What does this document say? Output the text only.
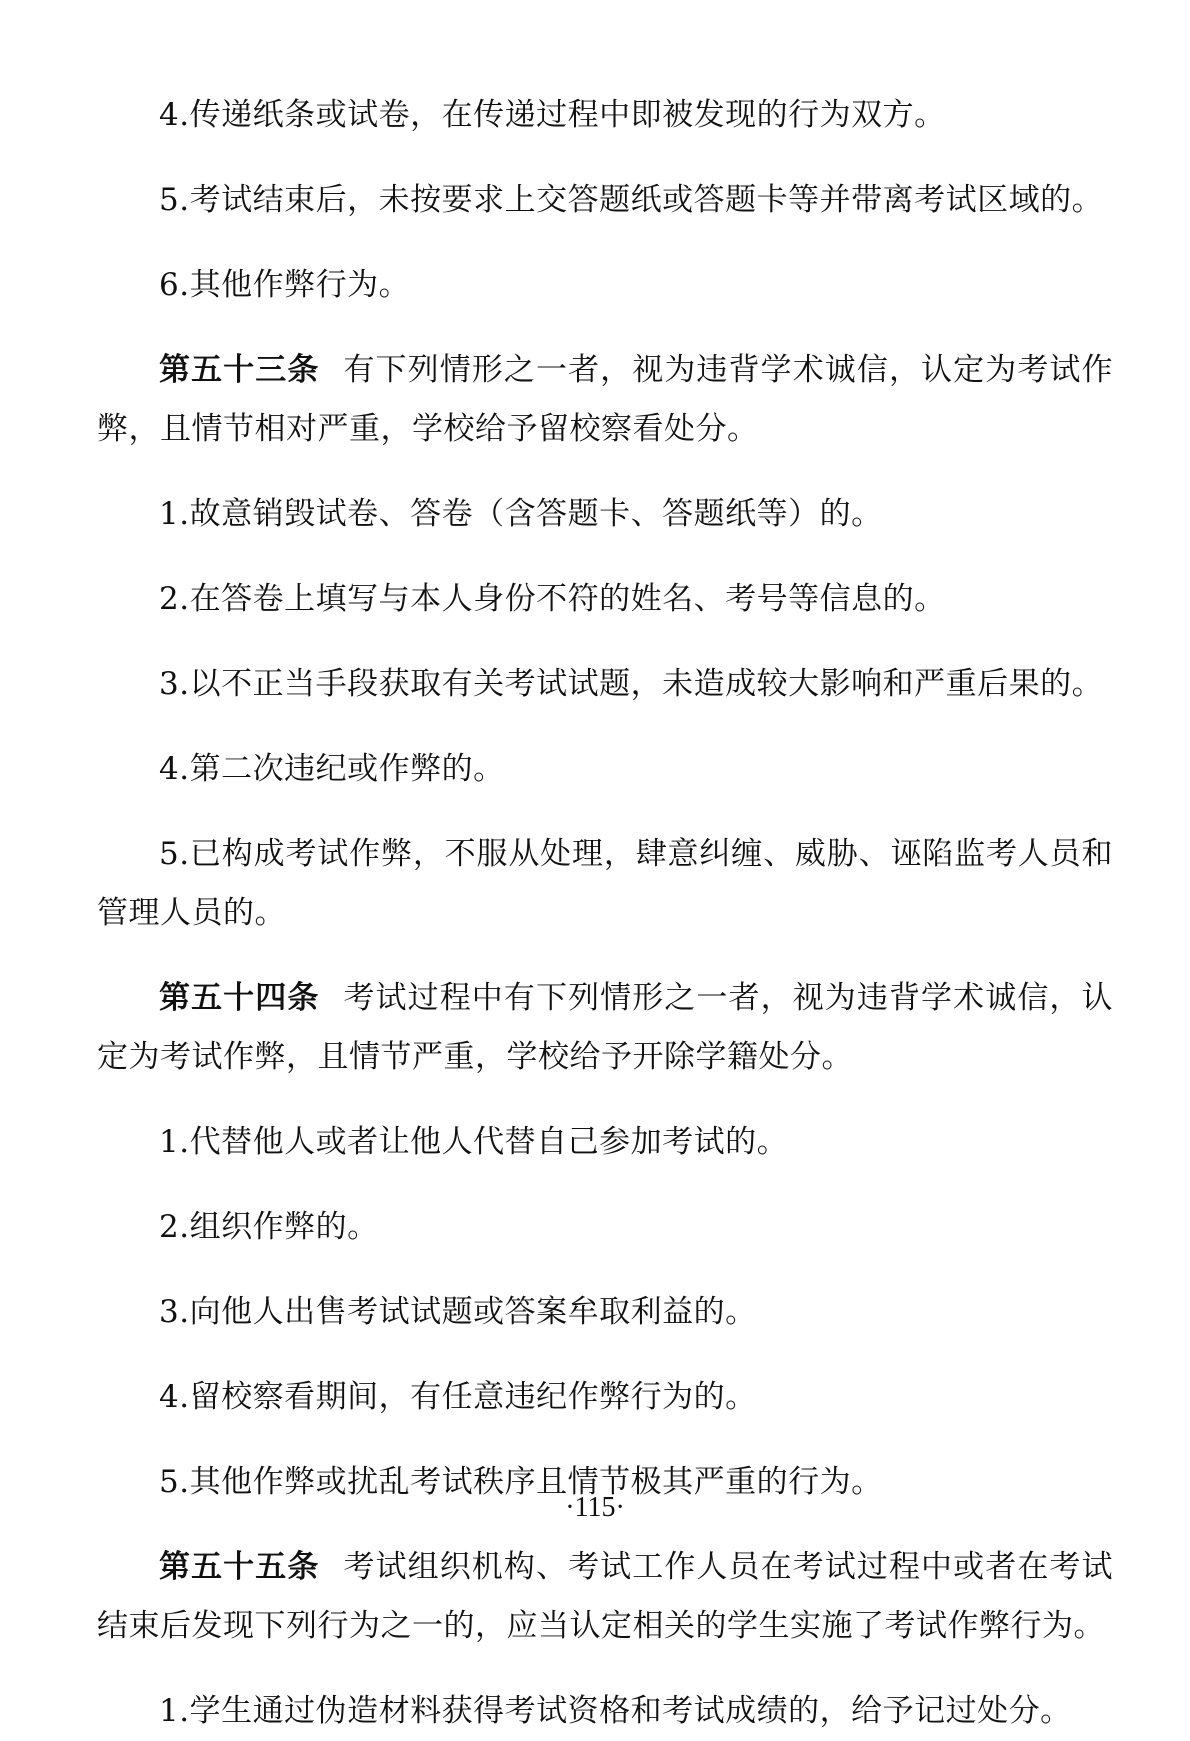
4.传递纸条或试卷，在传递过程中即被发现的行为双方。

5.考试结束后，未按要求上交答题纸或答题卡等并带离考试区域的。

6.其他作弊行为。

第五十三条 有下列情形之一者，视为违背学术诚信，认定为考试作弊，且情节相对严重，学校给予留校察看处分。

1.故意销毁试卷、答卷（含答题卡、答题纸等）的。

2.在答卷上填写与本人身份不符的姓名、考号等信息的。

3.以不正当手段获取有关考试试题，未造成较大影响和严重后果的。

4.第二次违纪或作弊的。

5.已构成考试作弊，不服从处理，肆意纠缠、威胁、诬陷监考人员和管理人员的。

第五十四条 考试过程中有下列情形之一者，视为违背学术诚信，认定为考试作弊，且情节严重，学校给予开除学籍处分。

1.代替他人或者让他人代替自己参加考试的。

2.组织作弊的。

3.向他人出售考试试题或答案牟取利益的。

4.留校察看期间，有任意违纪作弊行为的。

5.其他作弊或扰乱考试秩序且情节极其严重的行为。

第五十五条 考试组织机构、考试工作人员在考试过程中或者在考试结束后发现下列行为之一的，应当认定相关的学生实施了考试作弊行为。

1.学生通过伪造材料获得考试资格和考试成绩的，给予记过处分。

·115·
